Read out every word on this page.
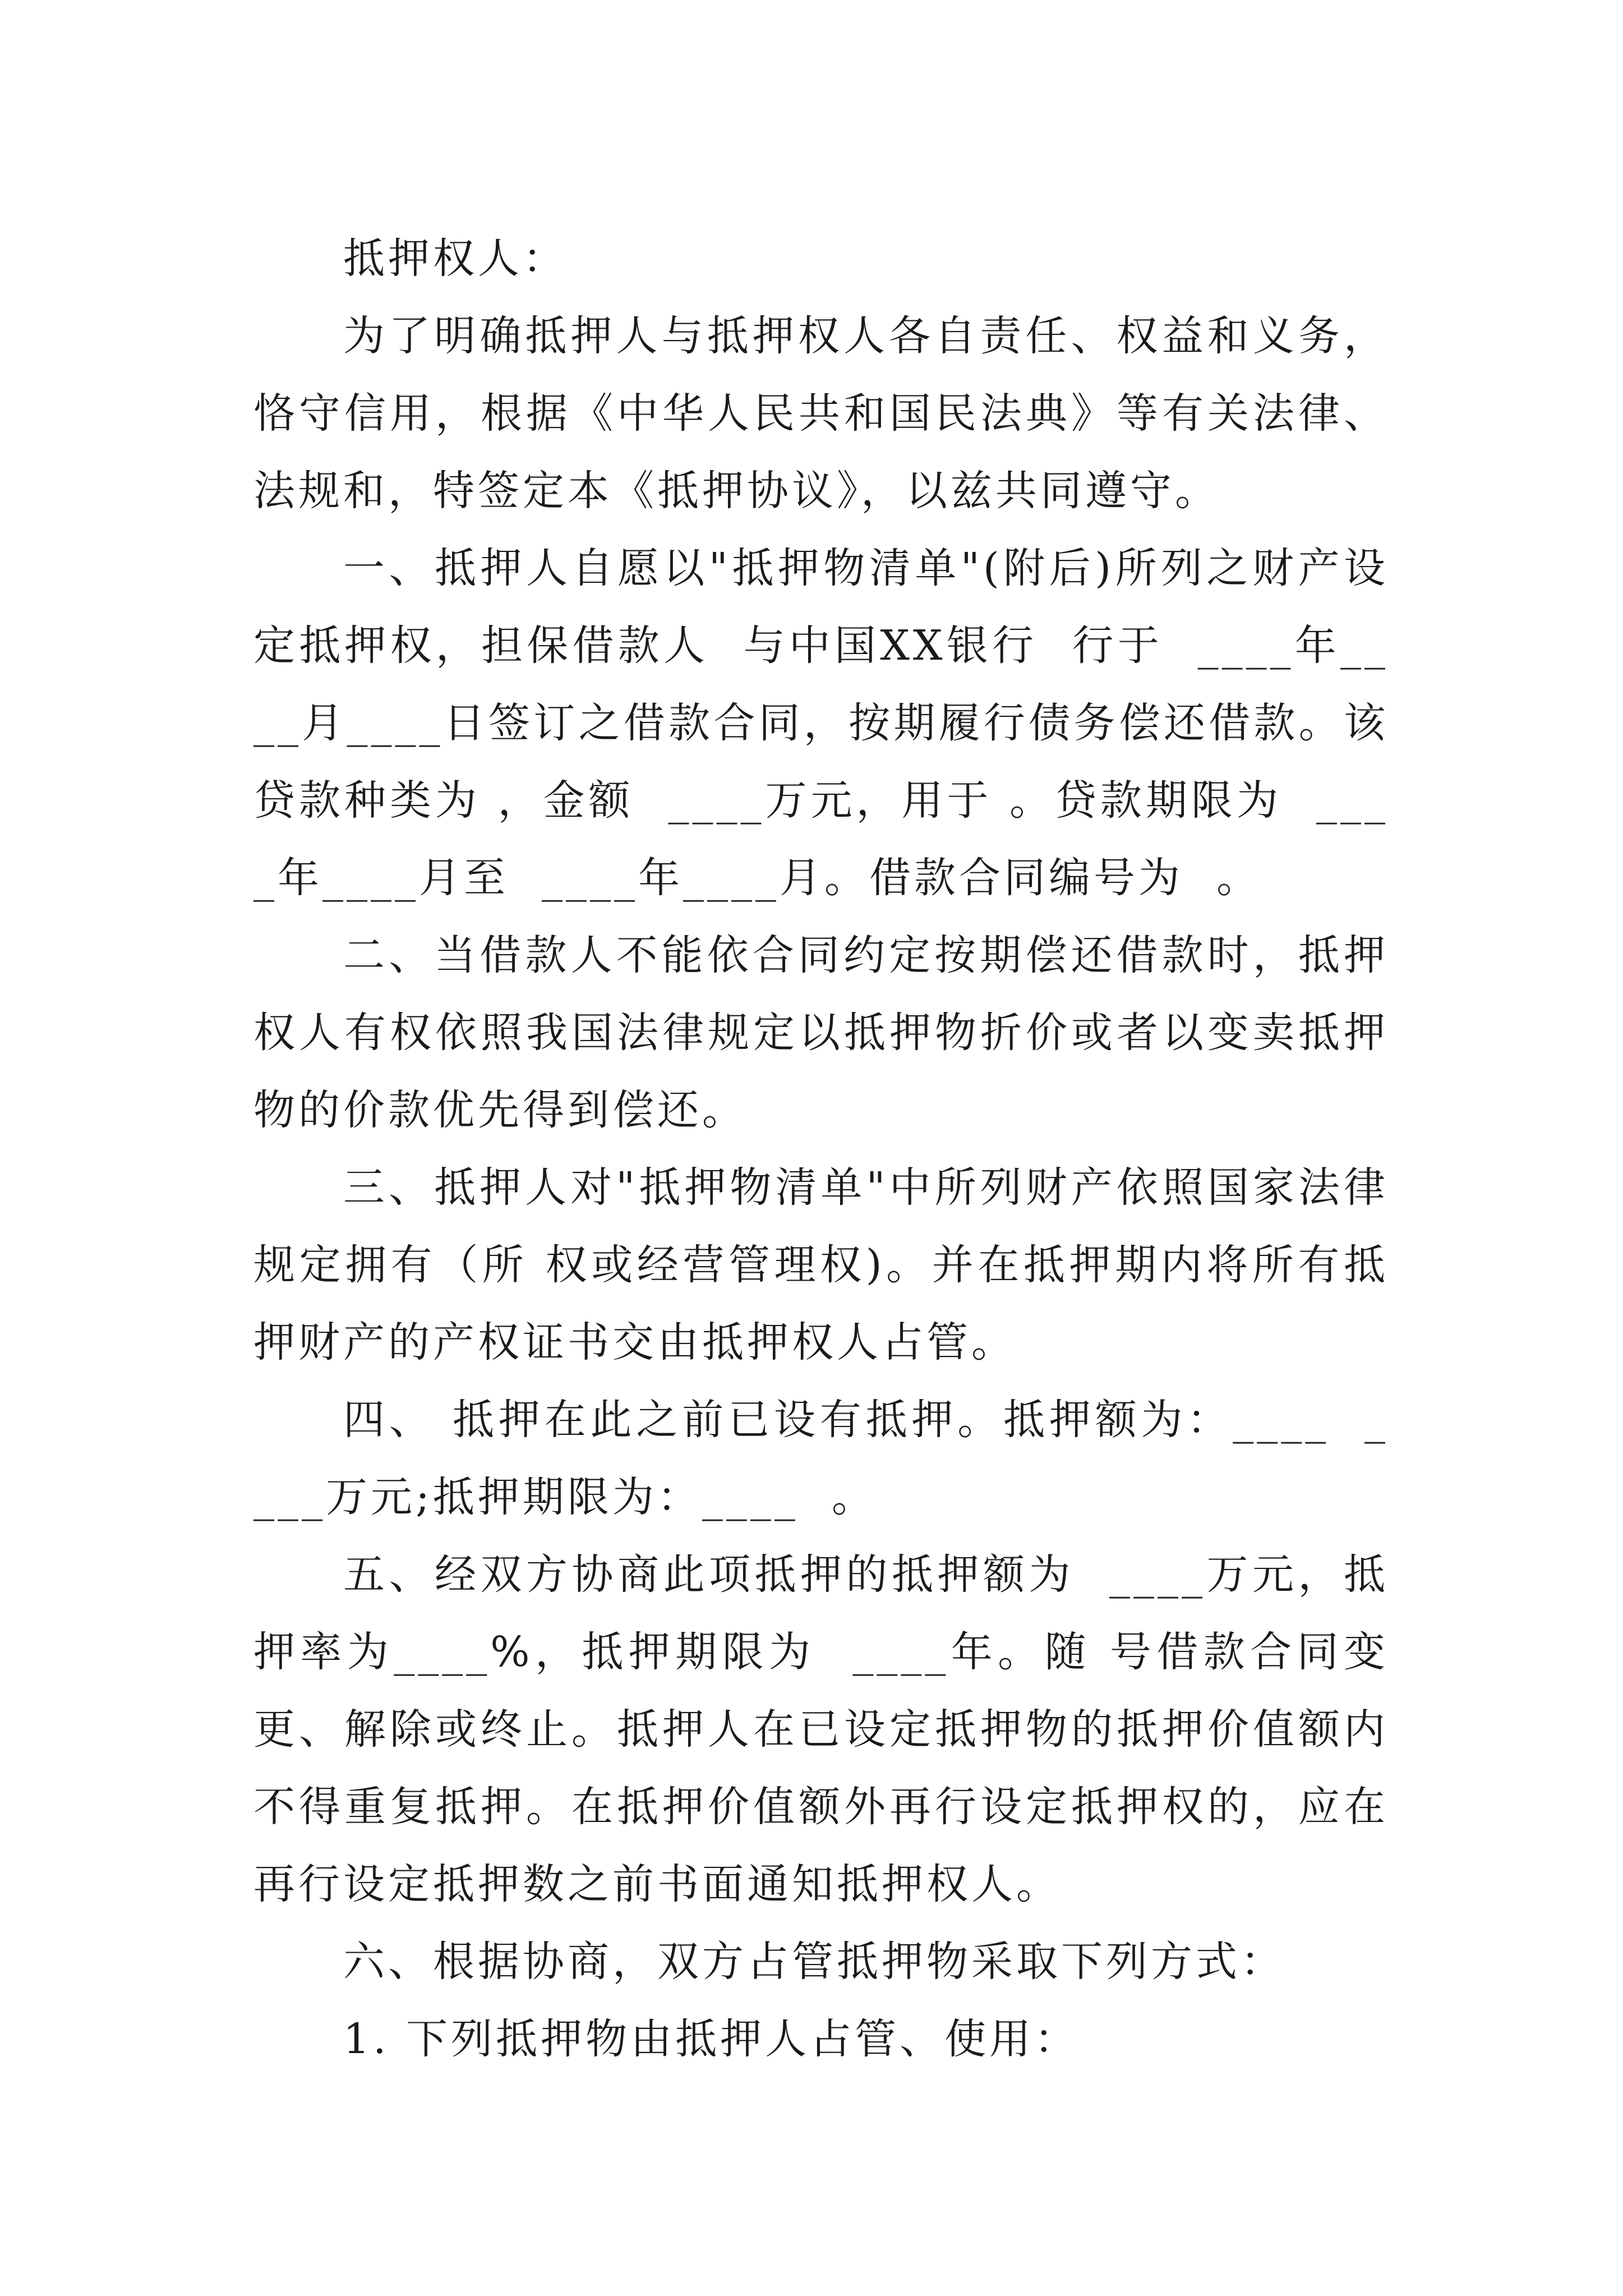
抵押权人：

为了明确抵押人与抵押权人各自责任、权益和义务，恪守信用，根据《中华人民共和国民法典》等有关法律、法规和，特签定本《抵押协议》，以兹共同遵守。

一、抵押人自愿以"抵押物清单"(附后)所列之财产设定抵押权，担保借款人  与中国XX银行  行于  ____年____月____日签订之借款合同，按期履行债务偿还借款。该贷款种类为 ，金额  ____万元，用于 。贷款期限为  ____年____月至  ____年____月。借款合同编号为  。

二、当借款人不能依合同约定按期偿还借款时，抵押权人有权依照我国法律规定以抵押物折价或者以变卖抵押物的价款优先得到偿还。

三、抵押人对"抵押物清单"中所列财产依照国家法律规定拥有（所 权或经营管理权)。并在抵押期内将所有抵押财产的产权证书交由抵押权人占管。

四、 抵押在此之前已设有抵押。抵押额为：____  ____万元;抵押期限为：____  。

五、经双方协商此项抵押的抵押额为  ____万元，抵押率为____%，抵押期限为  ____年。随 号借款合同变更、解除或终止。抵押人在已设定抵押物的抵押价值额内不得重复抵押。在抵押价值额外再行设定抵押权的，应在再行设定抵押数之前书面通知抵押权人。

六、根据协商，双方占管抵押物采取下列方式：

1. 下列抵押物由抵押人占管、使用：
